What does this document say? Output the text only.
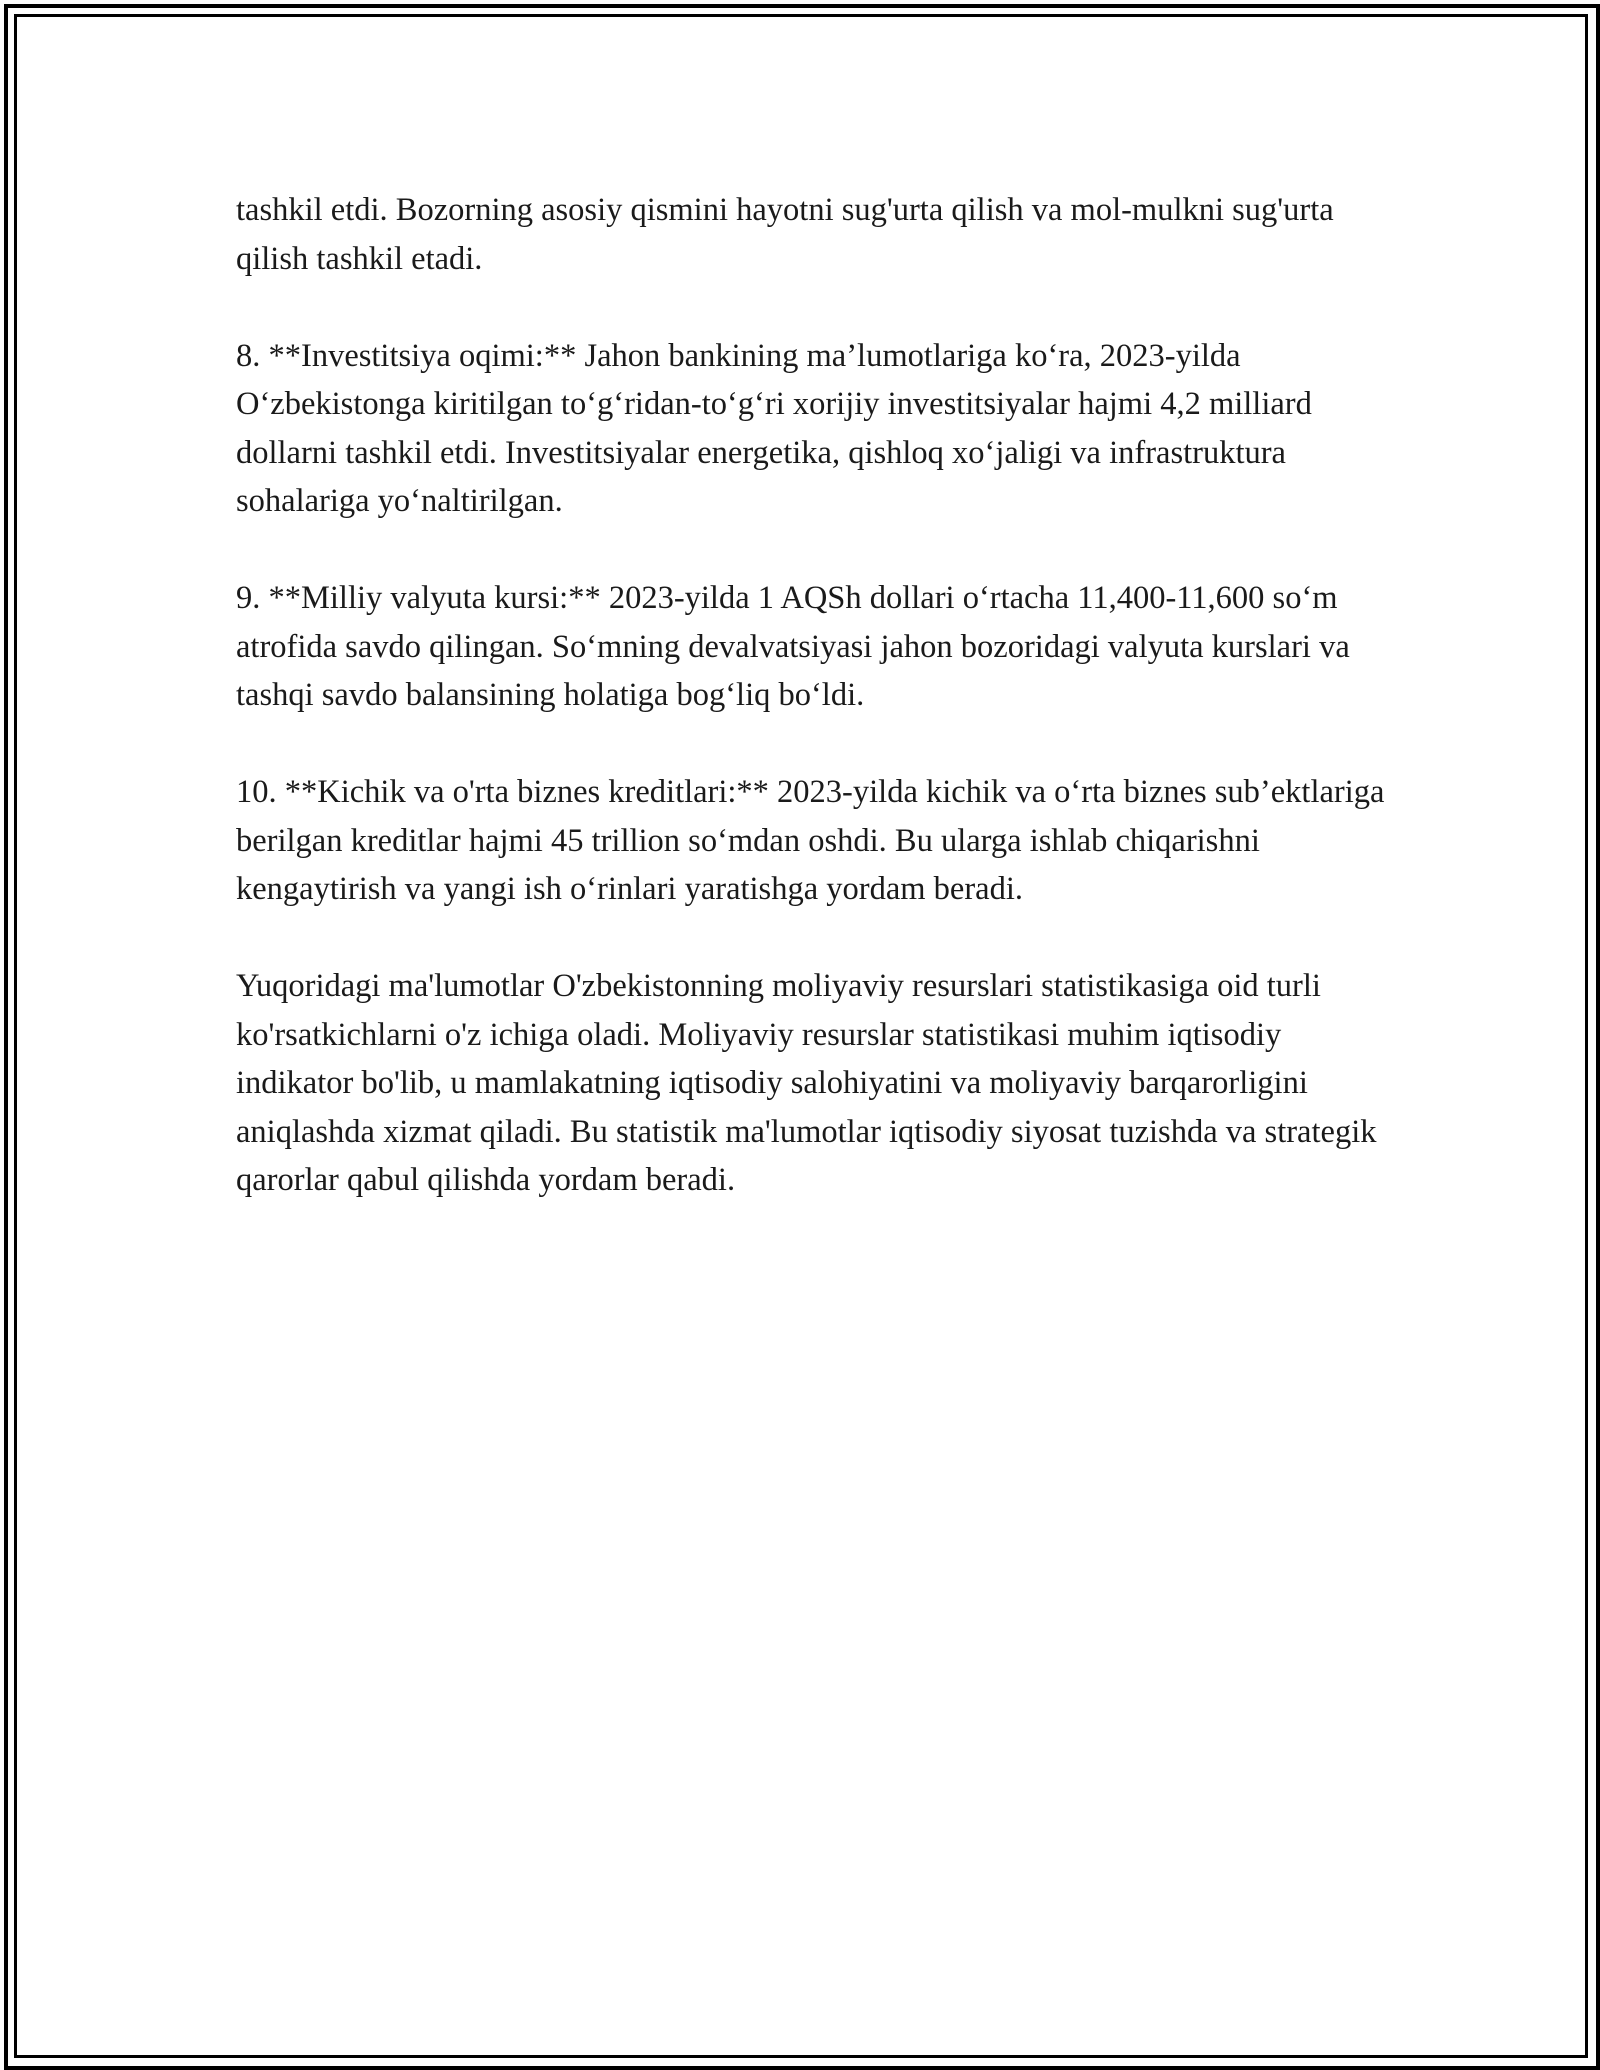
tashkil etdi. Bozorning asosiy qismini hayotni sug'urta qilish va mol-mulkni sug'urta qilish tashkil etadi.

8. **Investitsiya oqimi:** Jahon bankining ma’lumotlariga ko‘ra, 2023-yilda O‘zbekistonga kiritilgan to‘g‘ridan-to‘g‘ri xorijiy investitsiyalar hajmi 4,2 milliard dollarni tashkil etdi. Investitsiyalar energetika, qishloq xo‘jaligi va infrastruktura sohalariga yo‘naltirilgan.

9. **Milliy valyuta kursi:** 2023-yilda 1 AQSh dollari o‘rtacha 11,400-11,600 so‘m atrofida savdo qilingan. So‘mning devalvatsiyasi jahon bozoridagi valyuta kurslari va tashqi savdo balansining holatiga bog‘liq bo‘ldi.

10. **Kichik va o'rta biznes kreditlari:** 2023-yilda kichik va o‘rta biznes sub’ektlariga berilgan kreditlar hajmi 45 trillion so‘mdan oshdi. Bu ularga ishlab chiqarishni kengaytirish va yangi ish o‘rinlari yaratishga yordam beradi.

Yuqoridagi ma'lumotlar O'zbekistonning moliyaviy resurslari statistikasiga oid turli ko'rsatkichlarni o'z ichiga oladi. Moliyaviy resurslar statistikasi muhim iqtisodiy indikator bo'lib, u mamlakatning iqtisodiy salohiyatini va moliyaviy barqarorligini aniqlashda xizmat qiladi. Bu statistik ma'lumotlar iqtisodiy siyosat tuzishda va strategik qarorlar qabul qilishda yordam beradi.
